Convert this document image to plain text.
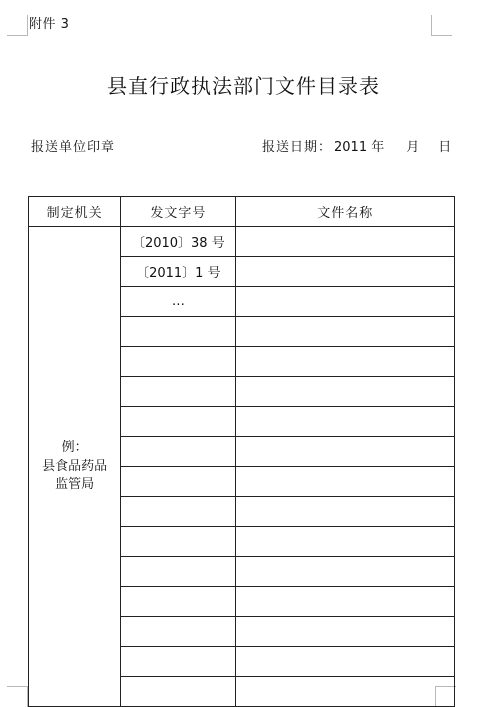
附件 3
县直行政执法部门文件目录表
报送单位印章	报送日期： 2011 年 月 日
制定机关	发文字号	文件名称

例：
县食品药品
监管局	〔2010〕38 号	
	〔2011〕1 号	
	…	
